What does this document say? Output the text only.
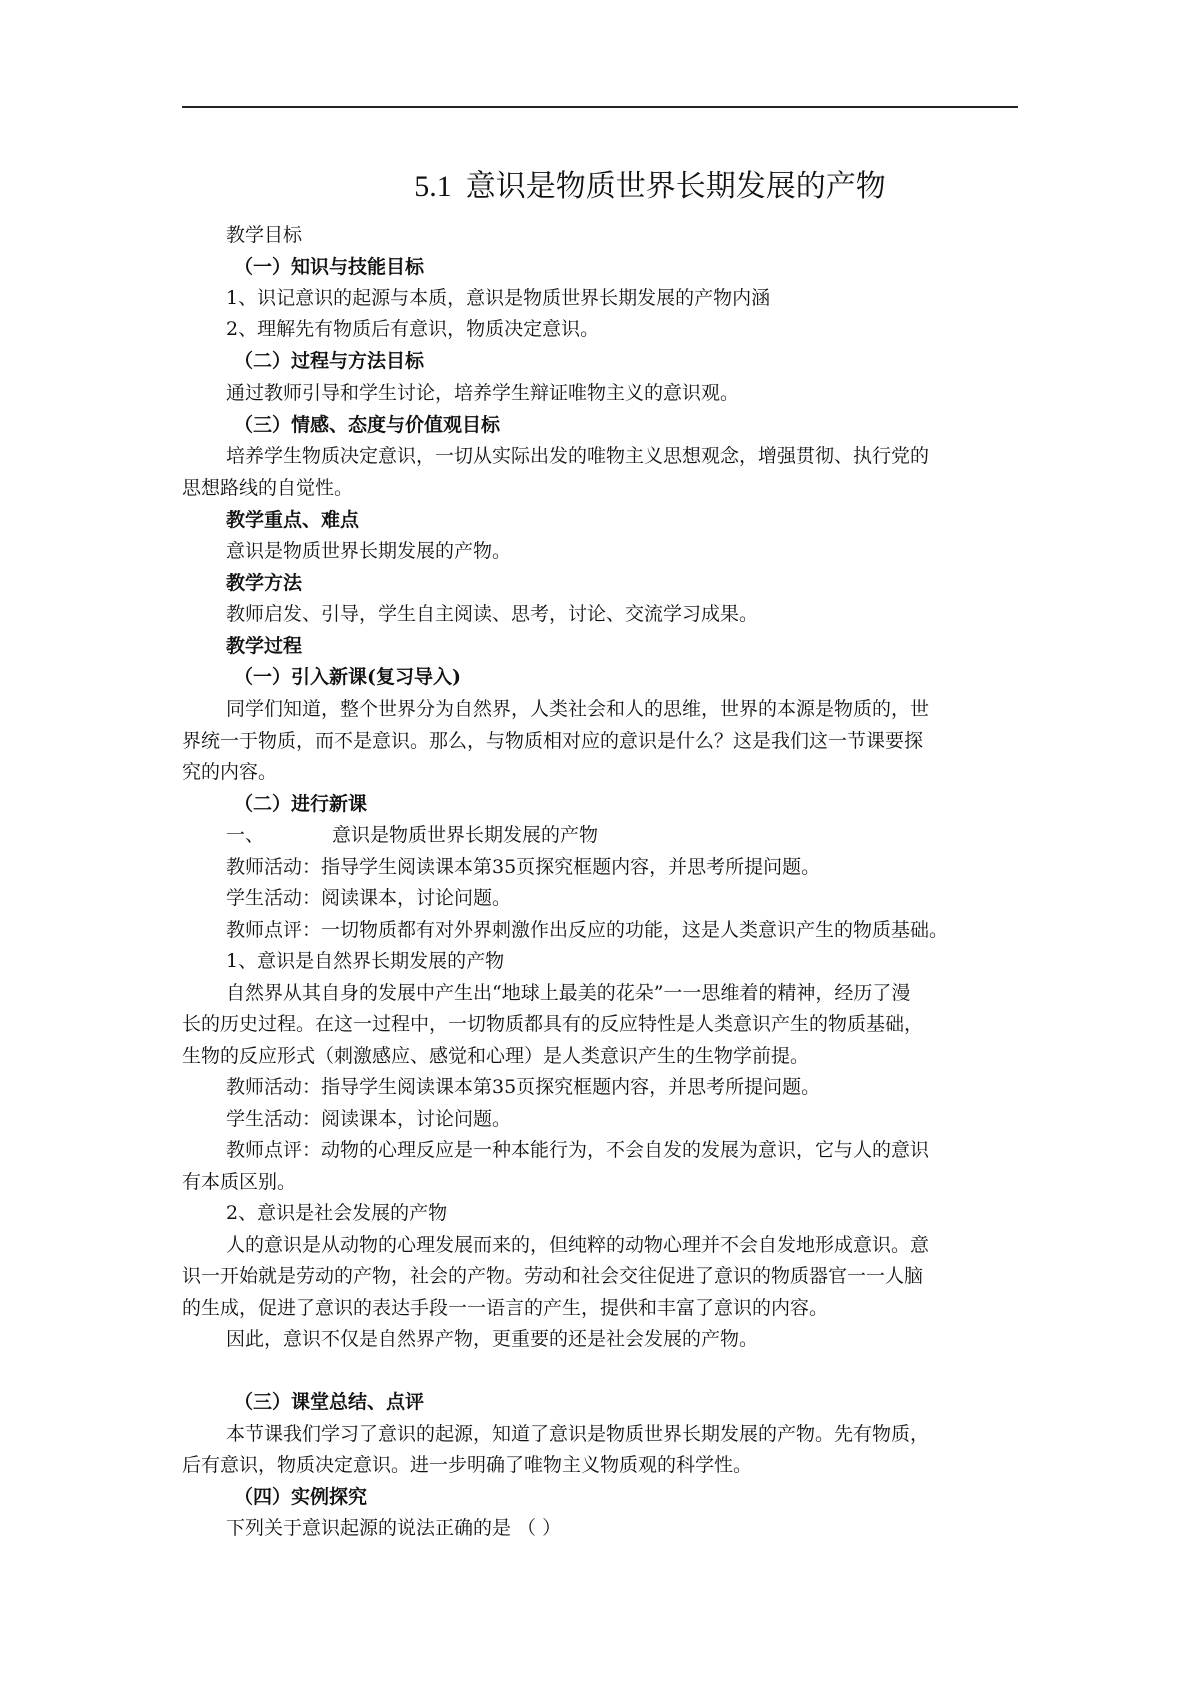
5.1 意识是物质世界长期发展的产物
教学目标
（一）知识与技能目标
1、识记意识的起源与本质，意识是物质世界长期发展的产物内涵
2、理解先有物质后有意识，物质决定意识。
（二）过程与方法目标
通过教师引导和学生讨论，培养学生辩证唯物主义的意识观。
（三）情感、态度与价值观目标
培养学生物质决定意识，一切从实际出发的唯物主义思想观念，增强贯彻、执行党的
思想路线的自觉性。
教学重点、难点
意识是物质世界长期发展的产物。
教学方法
教师启发、引导，学生自主阅读、思考，讨论、交流学习成果。
教学过程
（一）引入新课(复习导入)
同学们知道，整个世界分为自然界，人类社会和人的思维，世界的本源是物质的，世
界统一于物质，而不是意识。那么，与物质相对应的意识是什么？这是我们这一节课要探
究的内容。
（二）进行新课
一、	意识是物质世界长期发展的产物
教师活动：指导学生阅读课本第35页探究框题内容，并思考所提问题。
学生活动：阅读课本，讨论问题。
教师点评：一切物质都有对外界刺激作出反应的功能，这是人类意识产生的物质基础。
1、意识是自然界长期发展的产物
自然界从其自身的发展中产生出“地球上最美的花朵”一一思维着的精神，经历了漫
长的历史过程。在这一过程中，一切物质都具有的反应特性是人类意识产生的物质基础，
生物的反应形式（刺激感应、感觉和心理）是人类意识产生的生物学前提。
教师活动：指导学生阅读课本第35页探究框题内容，并思考所提问题。
学生活动：阅读课本，讨论问题。
教师点评：动物的心理反应是一种本能行为，不会自发的发展为意识，它与人的意识
有本质区别。
2、意识是社会发展的产物
人的意识是从动物的心理发展而来的，但纯粹的动物心理并不会自发地形成意识。意
识一开始就是劳动的产物，社会的产物。劳动和社会交往促进了意识的物质器官一一人脑
的生成，促进了意识的表达手段一一语言的产生，提供和丰富了意识的内容。
因此，意识不仅是自然界产物，更重要的还是社会发展的产物。
（三）课堂总结、点评
本节课我们学习了意识的起源，知道了意识是物质世界长期发展的产物。先有物质，
后有意识，物质决定意识。进一步明确了唯物主义物质观的科学性。
（四）实例探究
下列关于意识起源的说法正确的是 （ ）
